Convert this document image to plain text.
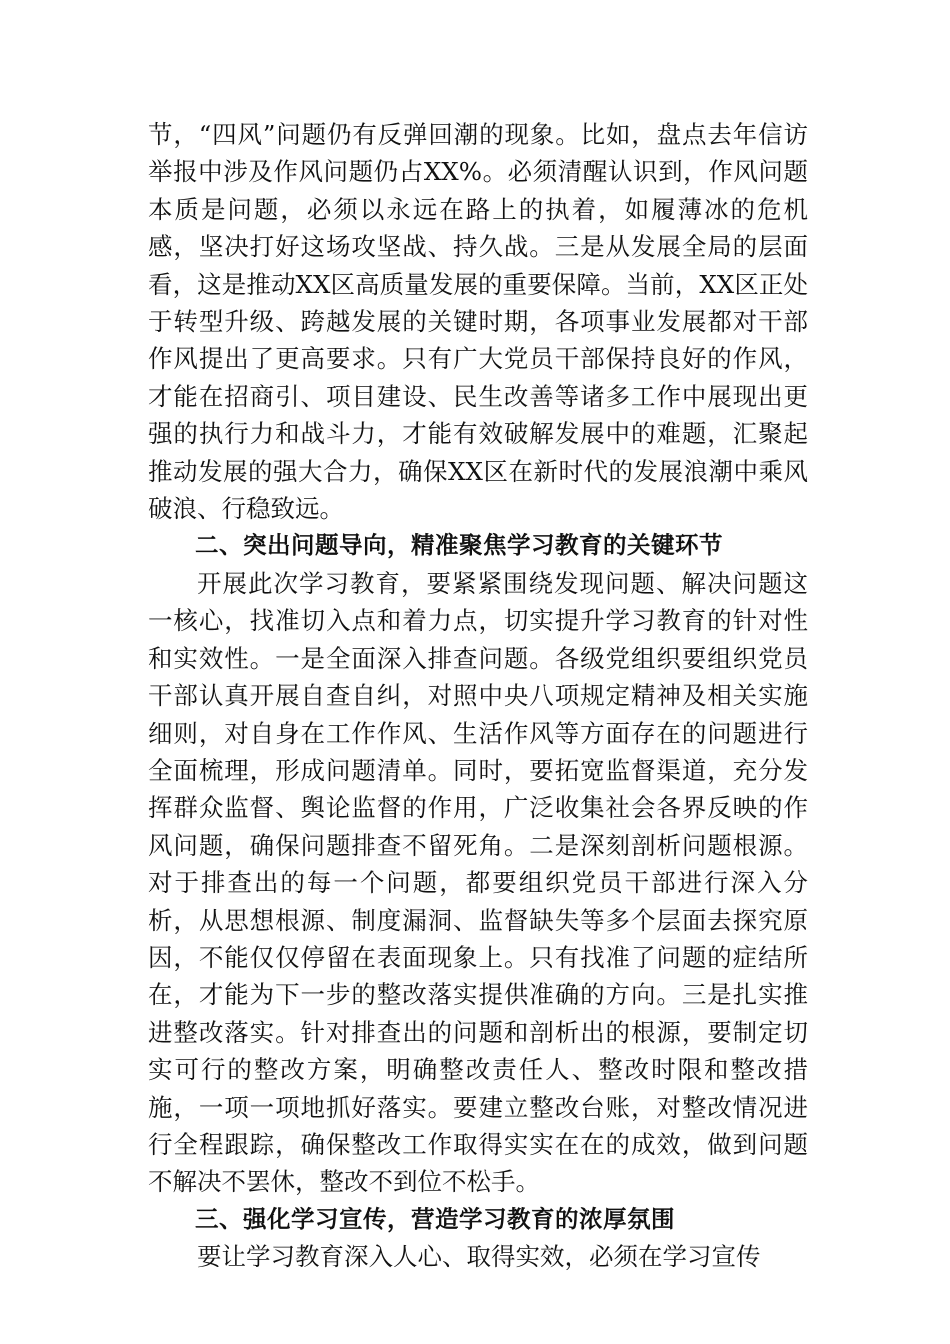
节，“四风”问题仍有反弹回潮的现象。比如，盘点去年信访举报中涉及作风问题仍占XX%。必须清醒认识到，作风问题本质是问题，必须以永远在路上的执着，如履薄冰的危机感，坚决打好这场攻坚战、持久战。三是从发展全局的层面看，这是推动XX区高质量发展的重要保障。当前，XX区正处于转型升级、跨越发展的关键时期，各项事业发展都对干部作风提出了更高要求。只有广大党员干部保持良好的作风，才能在招商引、项目建设、民生改善等诸多工作中展现出更强的执行力和战斗力，才能有效破解发展中的难题，汇聚起推动发展的强大合力，确保XX区在新时代的发展浪潮中乘风破浪、行稳致远。

二、突出问题导向，精准聚焦学习教育的关键环节

开展此次学习教育，要紧紧围绕发现问题、解决问题这一核心，找准切入点和着力点，切实提升学习教育的针对性和实效性。一是全面深入排查问题。各级党组织要组织党员干部认真开展自查自纠，对照中央八项规定精神及相关实施细则，对自身在工作作风、生活作风等方面存在的问题进行全面梳理，形成问题清单。同时，要拓宽监督渠道，充分发挥群众监督、舆论监督的作用，广泛收集社会各界反映的作风问题，确保问题排查不留死角。二是深刻剖析问题根源。对于排查出的每一个问题，都要组织党员干部进行深入分析，从思想根源、制度漏洞、监督缺失等多个层面去探究原因，不能仅仅停留在表面现象上。只有找准了问题的症结所在，才能为下一步的整改落实提供准确的方向。三是扎实推进整改落实。针对排查出的问题和剖析出的根源，要制定切实可行的整改方案，明确整改责任人、整改时限和整改措施，一项一项地抓好落实。要建立整改台账，对整改情况进行全程跟踪，确保整改工作取得实实在在的成效，做到问题不解决不罢休，整改不到位不松手。

三、强化学习宣传，营造学习教育的浓厚氛围

要让学习教育深入人心、取得实效，必须在学习宣传
